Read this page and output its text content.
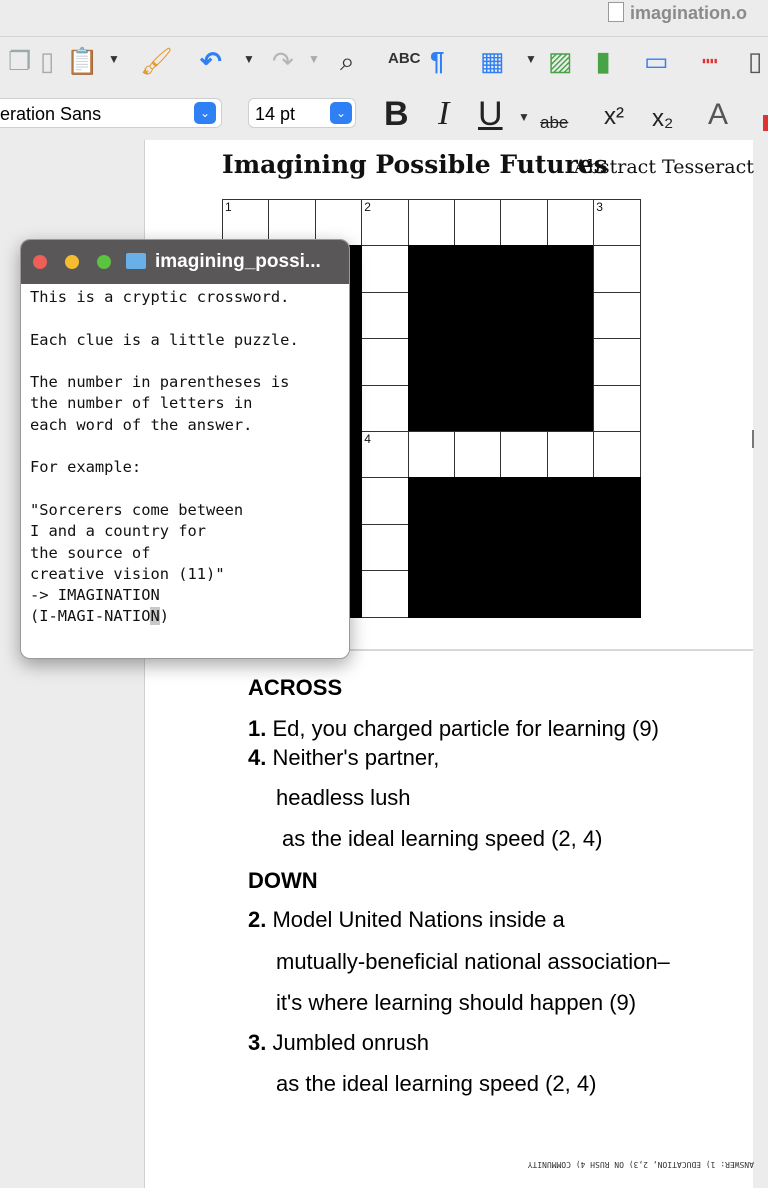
imagination.o
❐ ▯ 📋 ▼ 🖌 ↶ ▼ ↷ ▼ ⌕ ABC ¶ ▦ ▼ ▨ ▮ ▭ ┉ ▯
eration Sans	⌄	14 pt	⌄ B I U ▼ abe x² x₂ A
Imagining Possible Futures
Abstract Tesseract
1	2	3
4
ACROSS
1. Ed, you charged particle for learning (9)
4. Neither's partner,
headless lush
as the ideal learning speed (2, 4)
DOWN
2. Model United Nations inside a
mutually-beneficial national association–
it's where learning should happen (9)
3. Jumbled onrush
as the ideal learning speed (2, 4)
ANSWER: 1) EDUCATION, 2,3) ON RUSH 4) COMMUNITY
imagining_possi...
This is a cryptic crossword.
Each clue is a little puzzle.
The number in parentheses is
the number of letters in
each word of the answer.
For example:
"Sorcerers come between
I and a country for
the source of
creative vision (11)"
-> IMAGINATION
(I-MAGI-NATION)
